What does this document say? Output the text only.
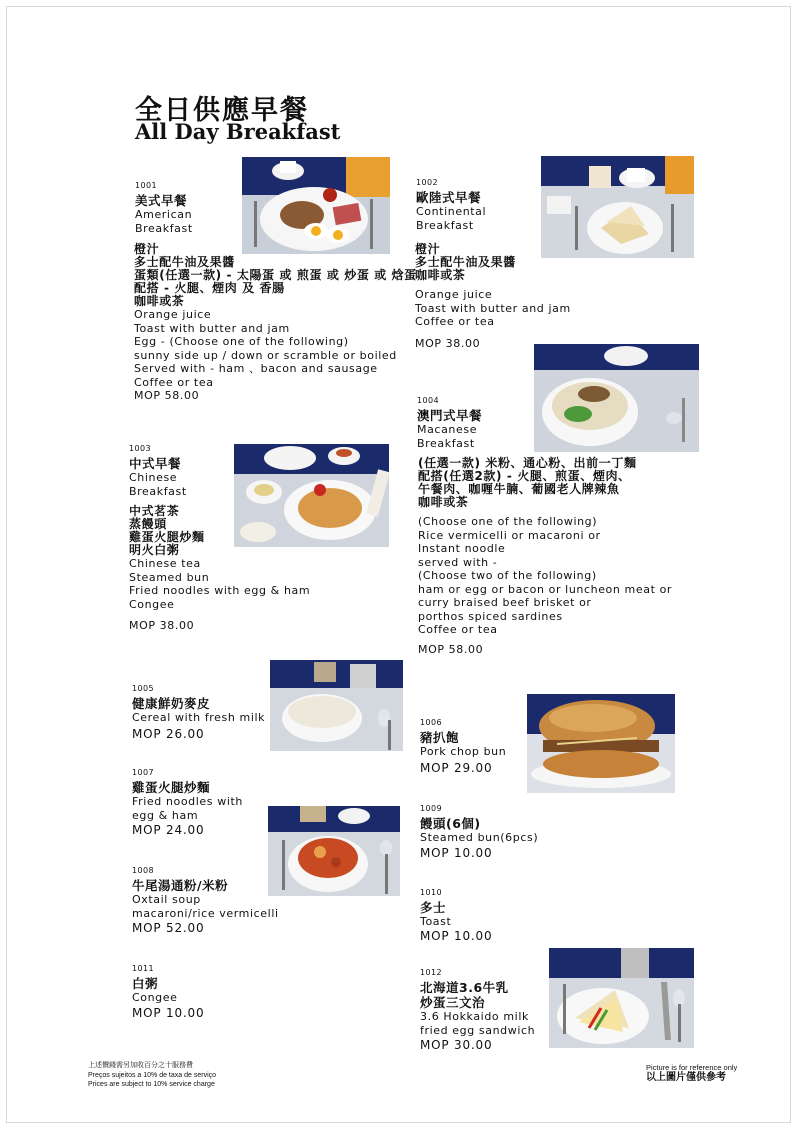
全日供應早餐
All Day Breakfast
1001
美式早餐
American
Breakfast
橙汁
多士配牛油及果醬
蛋類(任選一款) - 太陽蛋 或 煎蛋 或 炒蛋 或 焓蛋
配搭 - 火腿、煙肉 及 香腸
咖啡或茶
Orange juice
Toast with butter and jam
Egg - (Choose one of the following)
sunny side up / down or scramble or boiled
Served with - ham 、bacon and sausage
Coffee or tea
MOP 58.00
1002
歐陸式早餐
Continental
Breakfast
橙汁
多士配牛油及果醬
咖啡或茶
Orange juice
Toast with butter and jam
Coffee or tea
MOP 38.00
1004
澳門式早餐
Macanese
Breakfast
(任選一款) 米粉、通心粉、出前一丁麵
配搭(任選2款) - 火腿、煎蛋、煙肉、
午餐肉、咖喱牛腩、葡國老人牌辣魚
咖啡或茶
(Choose one of the following)
Rice vermicelli or macaroni or
Instant noodle
served with -
(Choose two of the following)
ham or egg or bacon or luncheon meat or
curry braised beef brisket or
porthos spiced sardines
Coffee or tea
MOP 58.00
1003
中式早餐
Chinese
Breakfast
中式茗茶
蒸饅頭
雞蛋火腿炒麵
明火白粥
Chinese tea
Steamed bun
Fried noodles with egg & ham
Congee
MOP 38.00
1005
健康鮮奶麥皮
Cereal with fresh milk
MOP 26.00
1006
豬扒飽
Pork chop bun
MOP 29.00
1007
雞蛋火腿炒麵
Fried noodles with
egg & ham
MOP 24.00
1008
牛尾湯通粉/米粉
Oxtail soup
macaroni/rice vermicelli
MOP 52.00
1009
饅頭(6個)
Steamed bun(6pcs)
MOP 10.00
1010
多士
Toast
MOP 10.00
1011
白粥
Congee
MOP 10.00
1012
北海道3.6牛乳
炒蛋三文治
3.6 Hokkaido milk
fried egg sandwich
MOP 30.00
上述價錢需另加收百分之十服務費
Preços sujeitos a 10% de taxa de serviço
Prices are subject to 10% service charge
Picture is for reference only
以上圖片僅供參考
